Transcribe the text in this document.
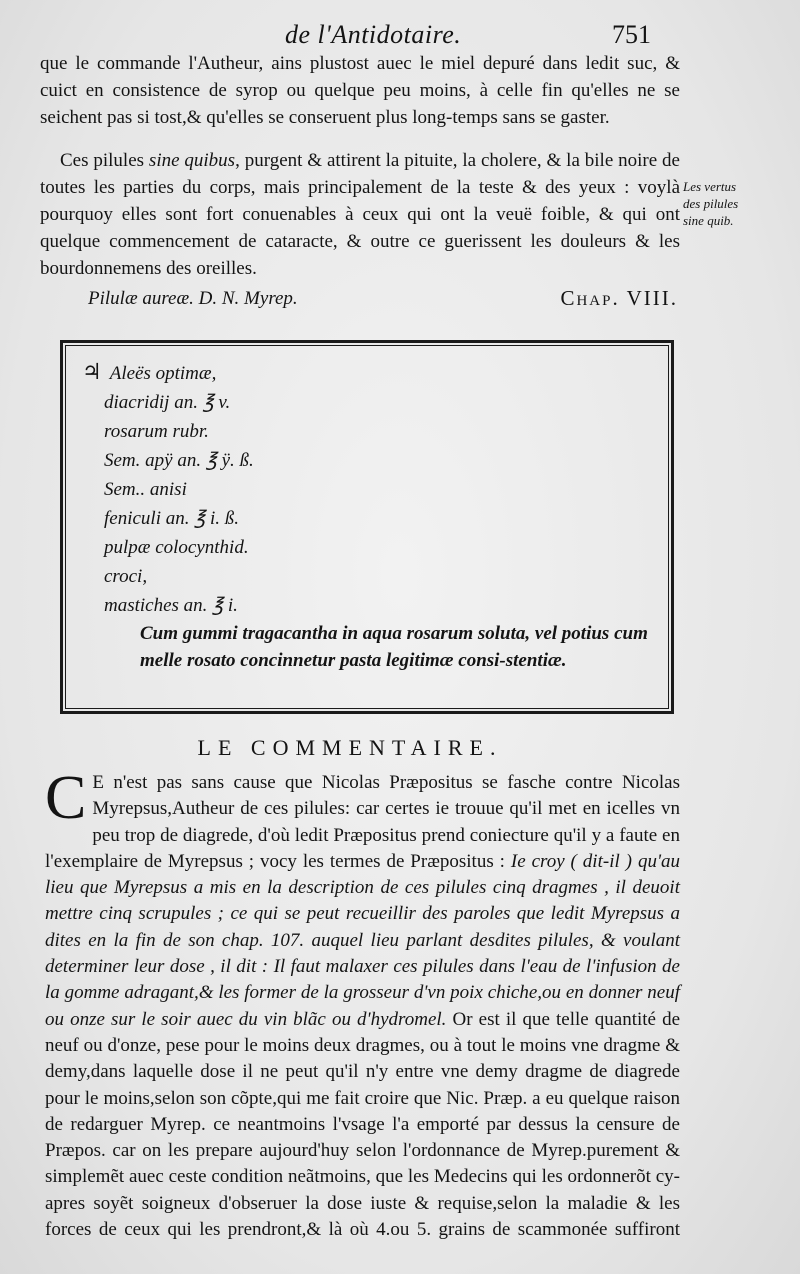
de l'Antidotaire.	751

que le commande l'Autheur, ains plustost auec le miel depuré dans ledit suc, & cuict en consistence de syrop ou quelque peu moins, à celle fin qu'elles ne se seichent pas si tost,& qu'elles se conseruent plus long-temps sans se gaster.

Ces pilules sine quibus, purgent & attirent la pituite, la cholere, & la bile noire de toutes les parties du corps, mais principalement de la teste & des yeux : voylà pourquoy elles sont fort conuenables à ceux qui ont la veuë foible, & qui ont quelque commencement de cataracte, & outre ce guerissent les douleurs & les bourdonnemens des oreilles.

Les vertus
des pilules
sine quib.
Pilulæ aureæ. D. N. Myrep.	Chap. VIII.
♃ Aleës optimæ,
diacridij an. ℥ v.
rosarum rubr.
Sem. apÿ an. ℥ ÿ. ß.
Sem.. anisi
feniculi an. ℥ i. ß.
pulpæ colocynthid.
croci,
mastiches an. ℥ i.
Cum gummi tragacantha in aqua rosarum soluta, vel potius cum melle rosato concinnetur pasta legitimæ consi-stentiæ.
LE COMMENTAIRE.
C E n'est pas sans cause que Nicolas Præpositus se fasche contre Nicolas Myrepsus,Autheur de ces pilules: car certes ie trouue qu'il met en icelles vn peu trop de diagrede, d'où ledit Præpositus prend coniecture qu'il y a faute en l'exemplaire de Myrepsus ; vocy les termes de Præpositus : Ie croy ( dit-il ) qu'au lieu que Myrepsus a mis en la description de ces pilules cinq dragmes , il deuoit mettre cinq scrupules ; ce qui se peut recueillir des paroles que ledit Myrepsus a dites en la fin de son chap. 107. auquel lieu parlant desdites pilules, & voulant determiner leur dose , il dit : Il faut malaxer ces pilules dans l'eau de l'infusion de la gomme adragant,& les former de la grosseur d'vn poix chiche,ou en donner neuf ou onze sur le soir auec du vin blãc ou d'hydromel. Or est il que telle quantité de neuf ou d'onze, pese pour le moins deux dragmes, ou à tout le moins vne dragme & demy,dans laquelle dose il ne peut qu'il n'y entre vne demy dragme de diagrede pour le moins,selon son cõpte,qui me fait croire que Nic. Præp. a eu quelque raison de redarguer Myrep. ce neantmoins l'vsage l'a emporté par dessus la censure de Præpos. car on les prepare aujourd'huy selon l'ordonnance de Myrep.purement & simplemẽt auec ceste condition neãtmoins, que les Medecins qui les ordonnerõt cy-apres soyẽt soigneux d'obseruer la dose iuste & requise,selon la maladie & les forces de ceux qui les prendront,& là où 4.ou 5. grains de scammonée suffiront
